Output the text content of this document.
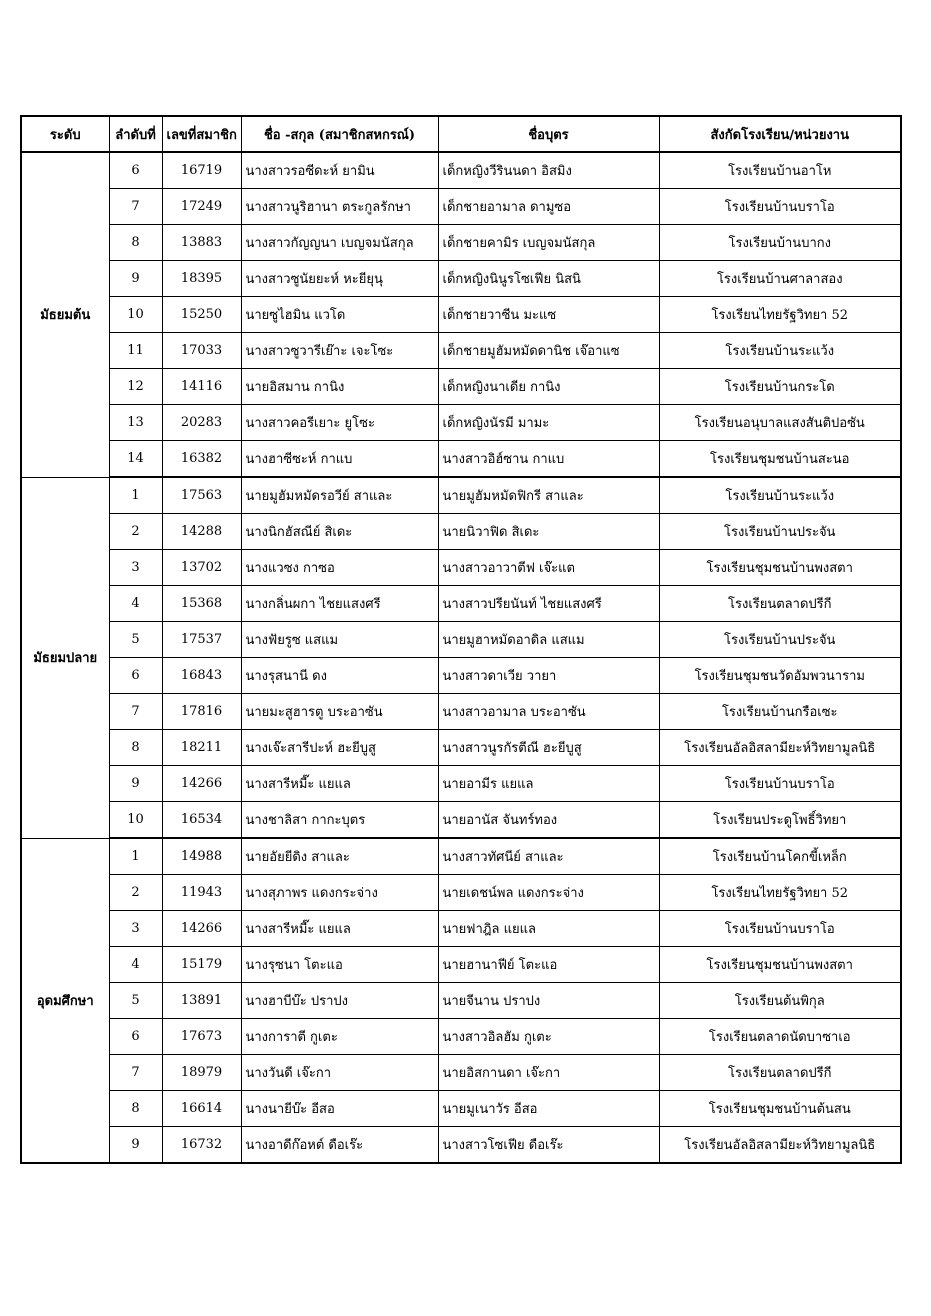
ระดับ	ลำดับที่	เลขที่สมาชิก	ชื่อ -สกุล (สมาชิกสหกรณ์)	ชื่อบุตร	สังกัดโรงเรียน/หน่วยงาน
มัธยมต้น	6	16719	นางสาวรอซีดะห์ ยามิน	เด็กหญิงวีรินนดา อิสมิง	โรงเรียนบ้านอาโห
	7	17249	นางสาวนูริฮานา ตระกูลรักษา	เด็กชายอามาล ดามูซอ	โรงเรียนบ้านบราโอ
	8	13883	นางสาวกัญญนา เบญจมนัสกุล	เด็กชายคามิร เบญจมนัสกุล	โรงเรียนบ้านบากง
	9	18395	นางสาวซูนัยยะห์ หะยียุนุ	เด็กหญิงนินูรโซเฟีย นิสนิ	โรงเรียนบ้านศาลาสอง
	10	15250	นายซูไฮมิน แวโด	เด็กชายวาซีน มะแซ	โรงเรียนไทยรัฐวิทยา 52
	11	17033	นางสาวซูวารีเย๊าะ เจะโซะ	เด็กชายมูฮัมหมัดดานิช เจ๊อาแซ	โรงเรียนบ้านระแว้ง
	12	14116	นายอิสมาน กานิง	เด็กหญิงนาเดีย กานิง	โรงเรียนบ้านกระโด
	13	20283	นางสาวคอรีเยาะ ยูโซะ	เด็กหญิงนัรมี มามะ	โรงเรียนอนุบาลแสงสันติปอซัน
	14	16382	นางฮาซีซะห์ กาแบ	นางสาวอิฮ์ซาน กาแบ	โรงเรียนชุมชนบ้านสะนอ
มัธยมปลาย	1	17563	นายมูฮัมหมัดรอวีย์ สาและ	นายมูฮัมหมัดฟิกรี สาและ	โรงเรียนบ้านระแว้ง
	2	14288	นางนิกฮัสณีย์ สิเดะ	นายนิวาฟิด สิเดะ	โรงเรียนบ้านประจัน
	3	13702	นางแวซง กาซอ	นางสาวอาวาตีฟ เจ๊ะแต	โรงเรียนชุมชนบ้านพงสตา
	4	15368	นางกลิ่นผกา ไชยแสงศรี	นางสาวปรียนันท์ ไชยแสงศรี	โรงเรียนตลาดปรีกี
	5	17537	นางฟัยรูซ แสแม	นายมูฮาหมัดอาดิล แสแม	โรงเรียนบ้านประจัน
	6	16843	นางรุสนานี ดง	นางสาวดาเวีย วายา	โรงเรียนชุมชนวัดอัมพวนาราม
	7	17816	นายมะสูฮารตู บระอาซัน	นางสาวอามาล บระอาซัน	โรงเรียนบ้านกรือเซะ
	8	18211	นางเจ๊ะสารีปะห์ ฮะยีบูสู	นางสาวนูรกัรตีณี ฮะยีบูสู	โรงเรียนอัลอิสลามียะห์วิทยามูลนิธิ
	9	14266	นางสารีหมี๊ะ แยแล	นายอามีร แยแล	โรงเรียนบ้านบราโอ
	10	16534	นางชาลิสา กากะบุตร	นายอานัส จันทร์ทอง	โรงเรียนประดูโพธิ์วิทยา
อุดมศึกษา	1	14988	นายอัยยีดิง สาและ	นางสาวทัศนีย์ สาและ	โรงเรียนบ้านโคกขี้เหล็ก
	2	11943	นางสุภาพร แดงกระจ่าง	นายเดชน์พล แดงกระจ่าง	โรงเรียนไทยรัฐวิทยา 52
	3	14266	นางสารีหมี๊ะ แยแล	นายฟาฎิล แยแล	โรงเรียนบ้านบราโอ
	4	15179	นางรุซนา โตะแอ	นายฮานาฟีย์ โตะแอ	โรงเรียนชุมชนบ้านพงสตา
	5	13891	นางฮาบีบ๊ะ ปราปง	นายจีนาน ปราปง	โรงเรียนต้นพิกุล
	6	17673	นางการาตี กูเตะ	นางสาวอิลฮัม กูเตะ	โรงเรียนตลาดนัดบาซาเอ
	7	18979	นางวันดี เจ๊ะกา	นายอิสกานดา เจ๊ะกา	โรงเรียนตลาดปรีกี
	8	16614	นางนายีบ๊ะ อีสอ	นายมูเนาวัร อีสอ	โรงเรียนชุมชนบ้านต้นสน
	9	16732	นางอาดีก๊อหต์ ดือเร๊ะ	นางสาวโซเฟีย ดือเร๊ะ	โรงเรียนอัลอิสลามียะห์วิทยามูลนิธิ
